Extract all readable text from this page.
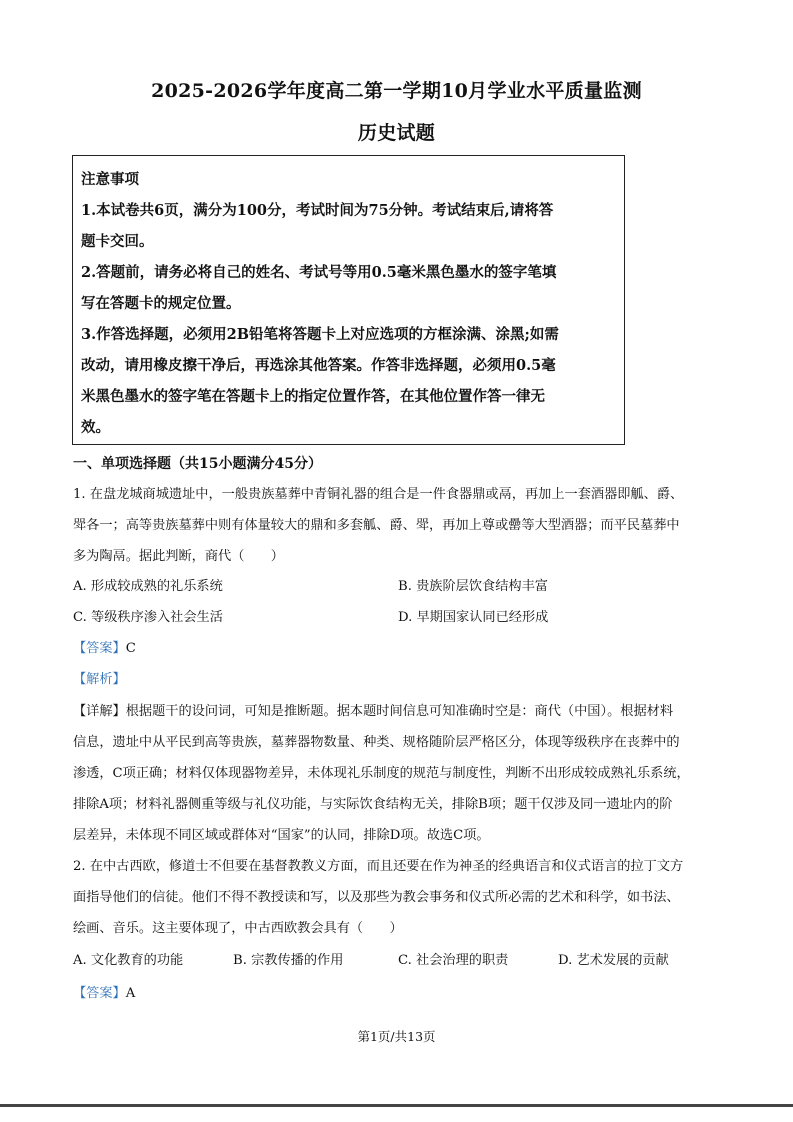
2025-2026学年度高二第一学期10月学业水平质量监测
历史试题
注意事项
1.本试卷共6页，满分为100分，考试时间为75分钟。考试结束后,请将答
题卡交回。
2.答题前，请务必将自己的姓名、考试号等用0.5毫米黑色墨水的签字笔填
写在答题卡的规定位置。
3.作答选择题，必须用2B铅笔将答题卡上对应选项的方框涂满、涂黑;如需
改动，请用橡皮擦干净后，再选涂其他答案。作答非选择题，必须用0.5毫
米黑色墨水的签字笔在答题卡上的指定位置作答，在其他位置作答一律无
效。
一、单项选择题（共15小题满分45分）
1. 在盘龙城商城遗址中，一般贵族墓葬中青铜礼器的组合是一件食器鼎或鬲，再加上一套酒器即觚、爵、
斝各一；高等贵族墓葬中则有体量较大的鼎和多套觚、爵、斝，再加上尊或罍等大型酒器；而平民墓葬中
多为陶鬲。据此判断，商代（　　）
A. 形成较成熟的礼乐系统	B. 贵族阶层饮食结构丰富
C. 等级秩序渗入社会生活	D. 早期国家认同已经形成
【答案】C
【解析】
【详解】根据题干的设问词，可知是推断题。据本题时间信息可知准确时空是：商代（中国）。根据材料
信息，遗址中从平民到高等贵族，墓葬器物数量、种类、规格随阶层严格区分，体现等级秩序在丧葬中的
渗透，C项正确；材料仅体现器物差异，未体现礼乐制度的规范与制度性，判断不出形成较成熟礼乐系统，
排除A项；材料礼器侧重等级与礼仪功能，与实际饮食结构无关，排除B项；题干仅涉及同一遗址内的阶
层差异，未体现不同区域或群体对“国家”的认同，排除D项。故选C项。
2. 在中古西欧，修道士不但要在基督教教义方面，而且还要在作为神圣的经典语言和仪式语言的拉丁文方
面指导他们的信徒。他们不得不教授读和写，以及那些为教会事务和仪式所必需的艺术和科学，如书法、
绘画、音乐。这主要体现了，中古西欧教会具有（　　）
A. 文化教育的功能	B. 宗教传播的作用	C. 社会治理的职责	D. 艺术发展的贡献
【答案】A
第1页/共13页
